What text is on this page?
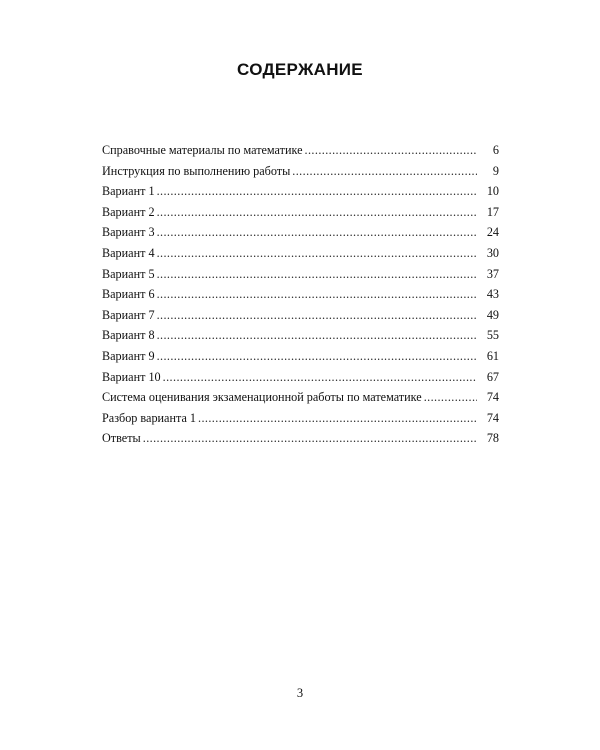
СОДЕРЖАНИЕ
Справочные материалы по математике .....	6
Инструкция по выполнению работы .....	9
Вариант 1 .....	10
Вариант 2 .....	17
Вариант 3 .....	24
Вариант 4 .....	30
Вариант 5 .....	37
Вариант 6 .....	43
Вариант 7 .....	49
Вариант 8 .....	55
Вариант 9 .....	61
Вариант 10 .....	67
Система оценивания экзаменационной работы по математике .....	74
Разбор варианта 1 .....	74
Ответы .....	78

3
